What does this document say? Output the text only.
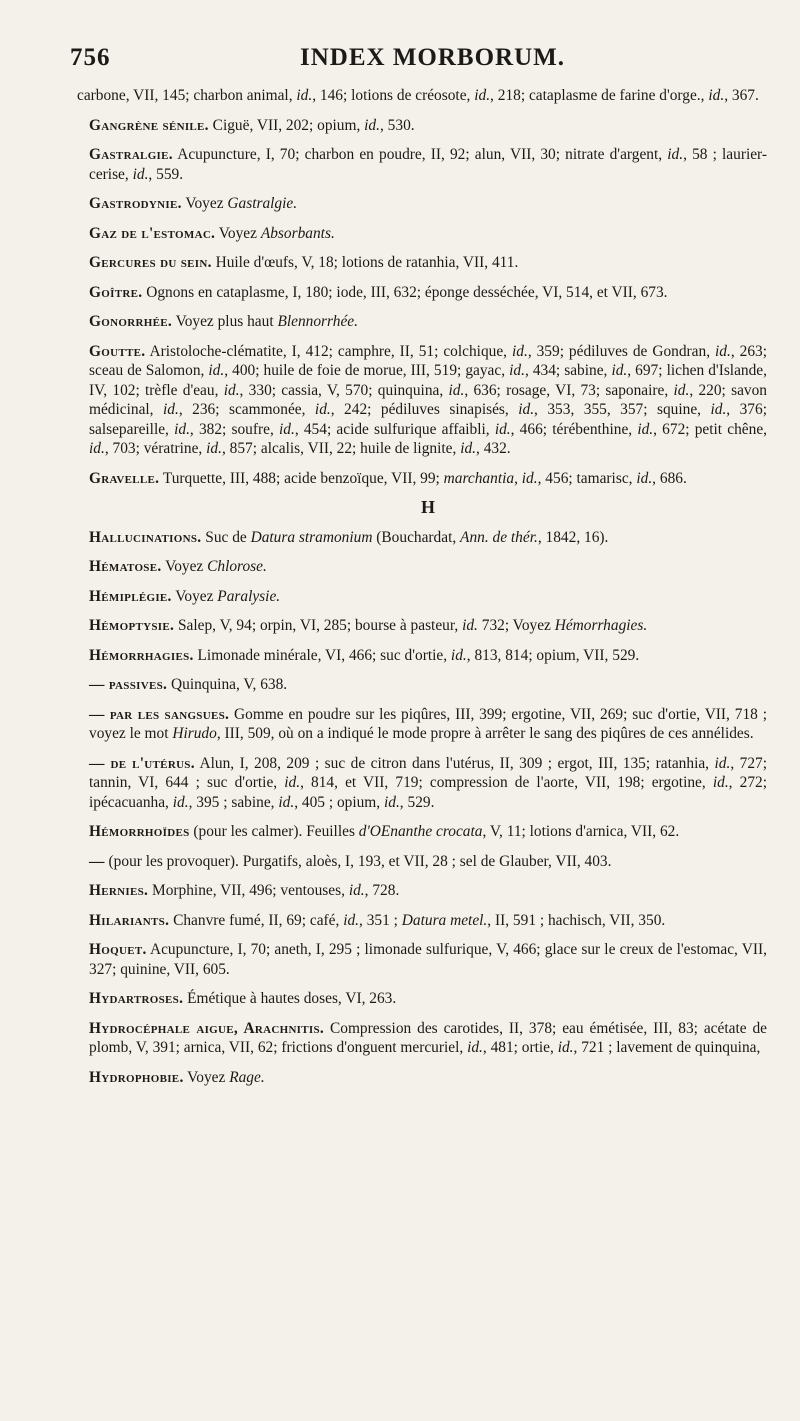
756	INDEX MORBORUM.

carbone, VII, 145; charbon animal, id., 146; lotions de créosote, id., 218; cataplasme de farine d'orge., id., 367.

Gangrène sénile. Ciguë, VII, 202; opium, id., 530.

Gastralgie. Acupuncture, I, 70; charbon en poudre, II, 92; alun, VII, 30; nitrate d'argent, id., 58 ; laurier-cerise, id., 559.

Gastrodynie. Voyez Gastralgie.

Gaz de l'estomac. Voyez Absorbants.

Gercures du sein. Huile d'œufs, V, 18; lotions de ratanhia, VII, 411.

Goître. Ognons en cataplasme, I, 180; iode, III, 632; éponge desséchée, VI, 514, et VII, 673.

Gonorrhée. Voyez plus haut Blennorrhée.

Goutte. Aristoloche-clématite, I, 412; camphre, II, 51; colchique, id., 359; pédiluves de Gondran, id., 263; sceau de Salomon, id., 400; huile de foie de morue, III, 519; gayac, id., 434; sabine, id., 697; lichen d'Islande, IV, 102; trèfle d'eau, id., 330; cassia, V, 570; quinquina, id., 636; rosage, VI, 73; saponaire, id., 220; savon médicinal, id., 236; scammonée, id., 242; pédiluves sinapisés, id., 353, 355, 357; squine, id., 376; salsepareille, id., 382; soufre, id., 454; acide sulfurique affaibli, id., 466; térébenthine, id., 672; petit chêne, id., 703; vératrine, id., 857; alcalis, VII, 22; huile de lignite, id., 432.

Gravelle. Turquette, III, 488; acide benzoïque, VII, 99; marchantia, id., 456; tamarisc, id., 686.

H

Hallucinations. Suc de Datura stramonium (Bouchardat, Ann. de thér., 1842, 16).

Hématose. Voyez Chlorose.

Hémiplégie. Voyez Paralysie.

Hémoptysie. Salep, V, 94; orpin, VI, 285; bourse à pasteur, id. 732; Voyez Hémorrhagies.

Hémorrhagies. Limonade minérale, VI, 466; suc d'ortie, id., 813, 814; opium, VII, 529.

— passives. Quinquina, V, 638.

— par les sangsues. Gomme en poudre sur les piqûres, III, 399; ergotine, VII, 269; suc d'ortie, VII, 718 ; voyez le mot Hirudo, III, 509, où on a indiqué le mode propre à arrêter le sang des piqûres de ces annélides.

— de l'utérus. Alun, I, 208, 209 ; suc de citron dans l'utérus, II, 309 ; ergot, III, 135; ratanhia, id., 727; tannin, VI, 644 ; suc d'ortie, id., 814, et VII, 719; compression de l'aorte, VII, 198; ergotine, id., 272; ipécacuanha, id., 395 ; sabine, id., 405 ; opium, id., 529.

Hémorrhoïdes (pour les calmer). Feuilles d'OEnanthe crocata, V, 11; lotions d'arnica, VII, 62.

— (pour les provoquer). Purgatifs, aloès, I, 193, et VII, 28 ; sel de Glauber, VII, 403.

Hernies. Morphine, VII, 496; ventouses, id., 728.

Hilariants. Chanvre fumé, II, 69; café, id., 351 ; Datura metel., II, 591 ; hachisch, VII, 350.

Hoquet. Acupuncture, I, 70; aneth, I, 295 ; limonade sulfurique, V, 466; glace sur le creux de l'estomac, VII, 327; quinine, VII, 605.

Hydartroses. Émétique à hautes doses, VI, 263.

Hydrocéphale aigue, Arachnitis. Compression des carotides, II, 378; eau émétisée, III, 83; acétate de plomb, V, 391; arnica, VII, 62; frictions d'onguent mercuriel, id., 481; ortie, id., 721 ; lavement de quinquina,

Hydrophobie. Voyez Rage.
